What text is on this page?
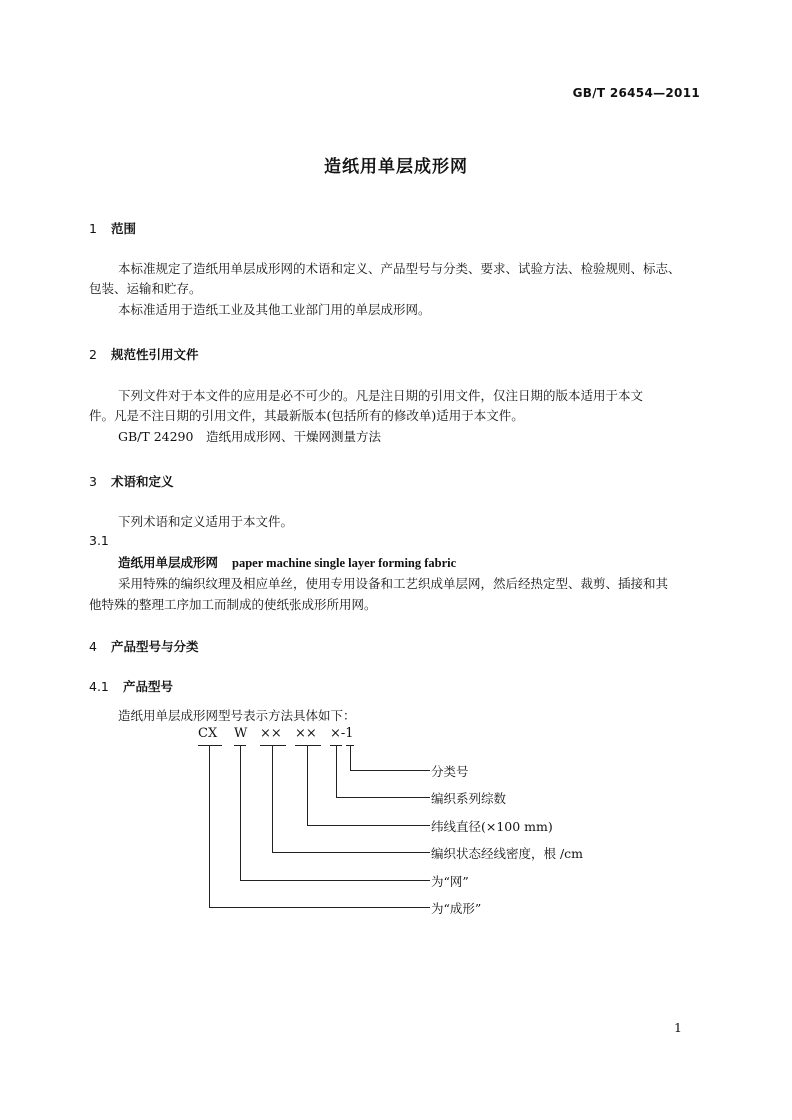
GB/T 26454—2011
造纸用单层成形网
1 范围
本标准规定了造纸用单层成形网的术语和定义、产品型号与分类、要求、试验方法、检验规则、标志、
包装、运输和贮存。
本标准适用于造纸工业及其他工业部门用的单层成形网。
2 规范性引用文件
下列文件对于本文件的应用是必不可少的。凡是注日期的引用文件，仅注日期的版本适用于本文
件。凡是不注日期的引用文件，其最新版本(包括所有的修改单)适用于本文件。
GB/T 24290　造纸用成形网、干燥网测量方法
3 术语和定义
下列术语和定义适用于本文件。
3.1
造纸用单层成形网 paper machine single layer forming fabric
采用特殊的编织纹理及相应单丝，使用专用设备和工艺织成单层网，然后经热定型、裁剪、插接和其
他特殊的整理工序加工而制成的使纸张成形所用网。
4 产品型号与分类
4.1 产品型号
造纸用单层成形网型号表示方法具体如下：
CX W ×× ×× ×-1
分类号
编织系列综数
纬线直径(×100 mm)
编织状态经线密度，根 /cm
为“网”
为“成形”
1
